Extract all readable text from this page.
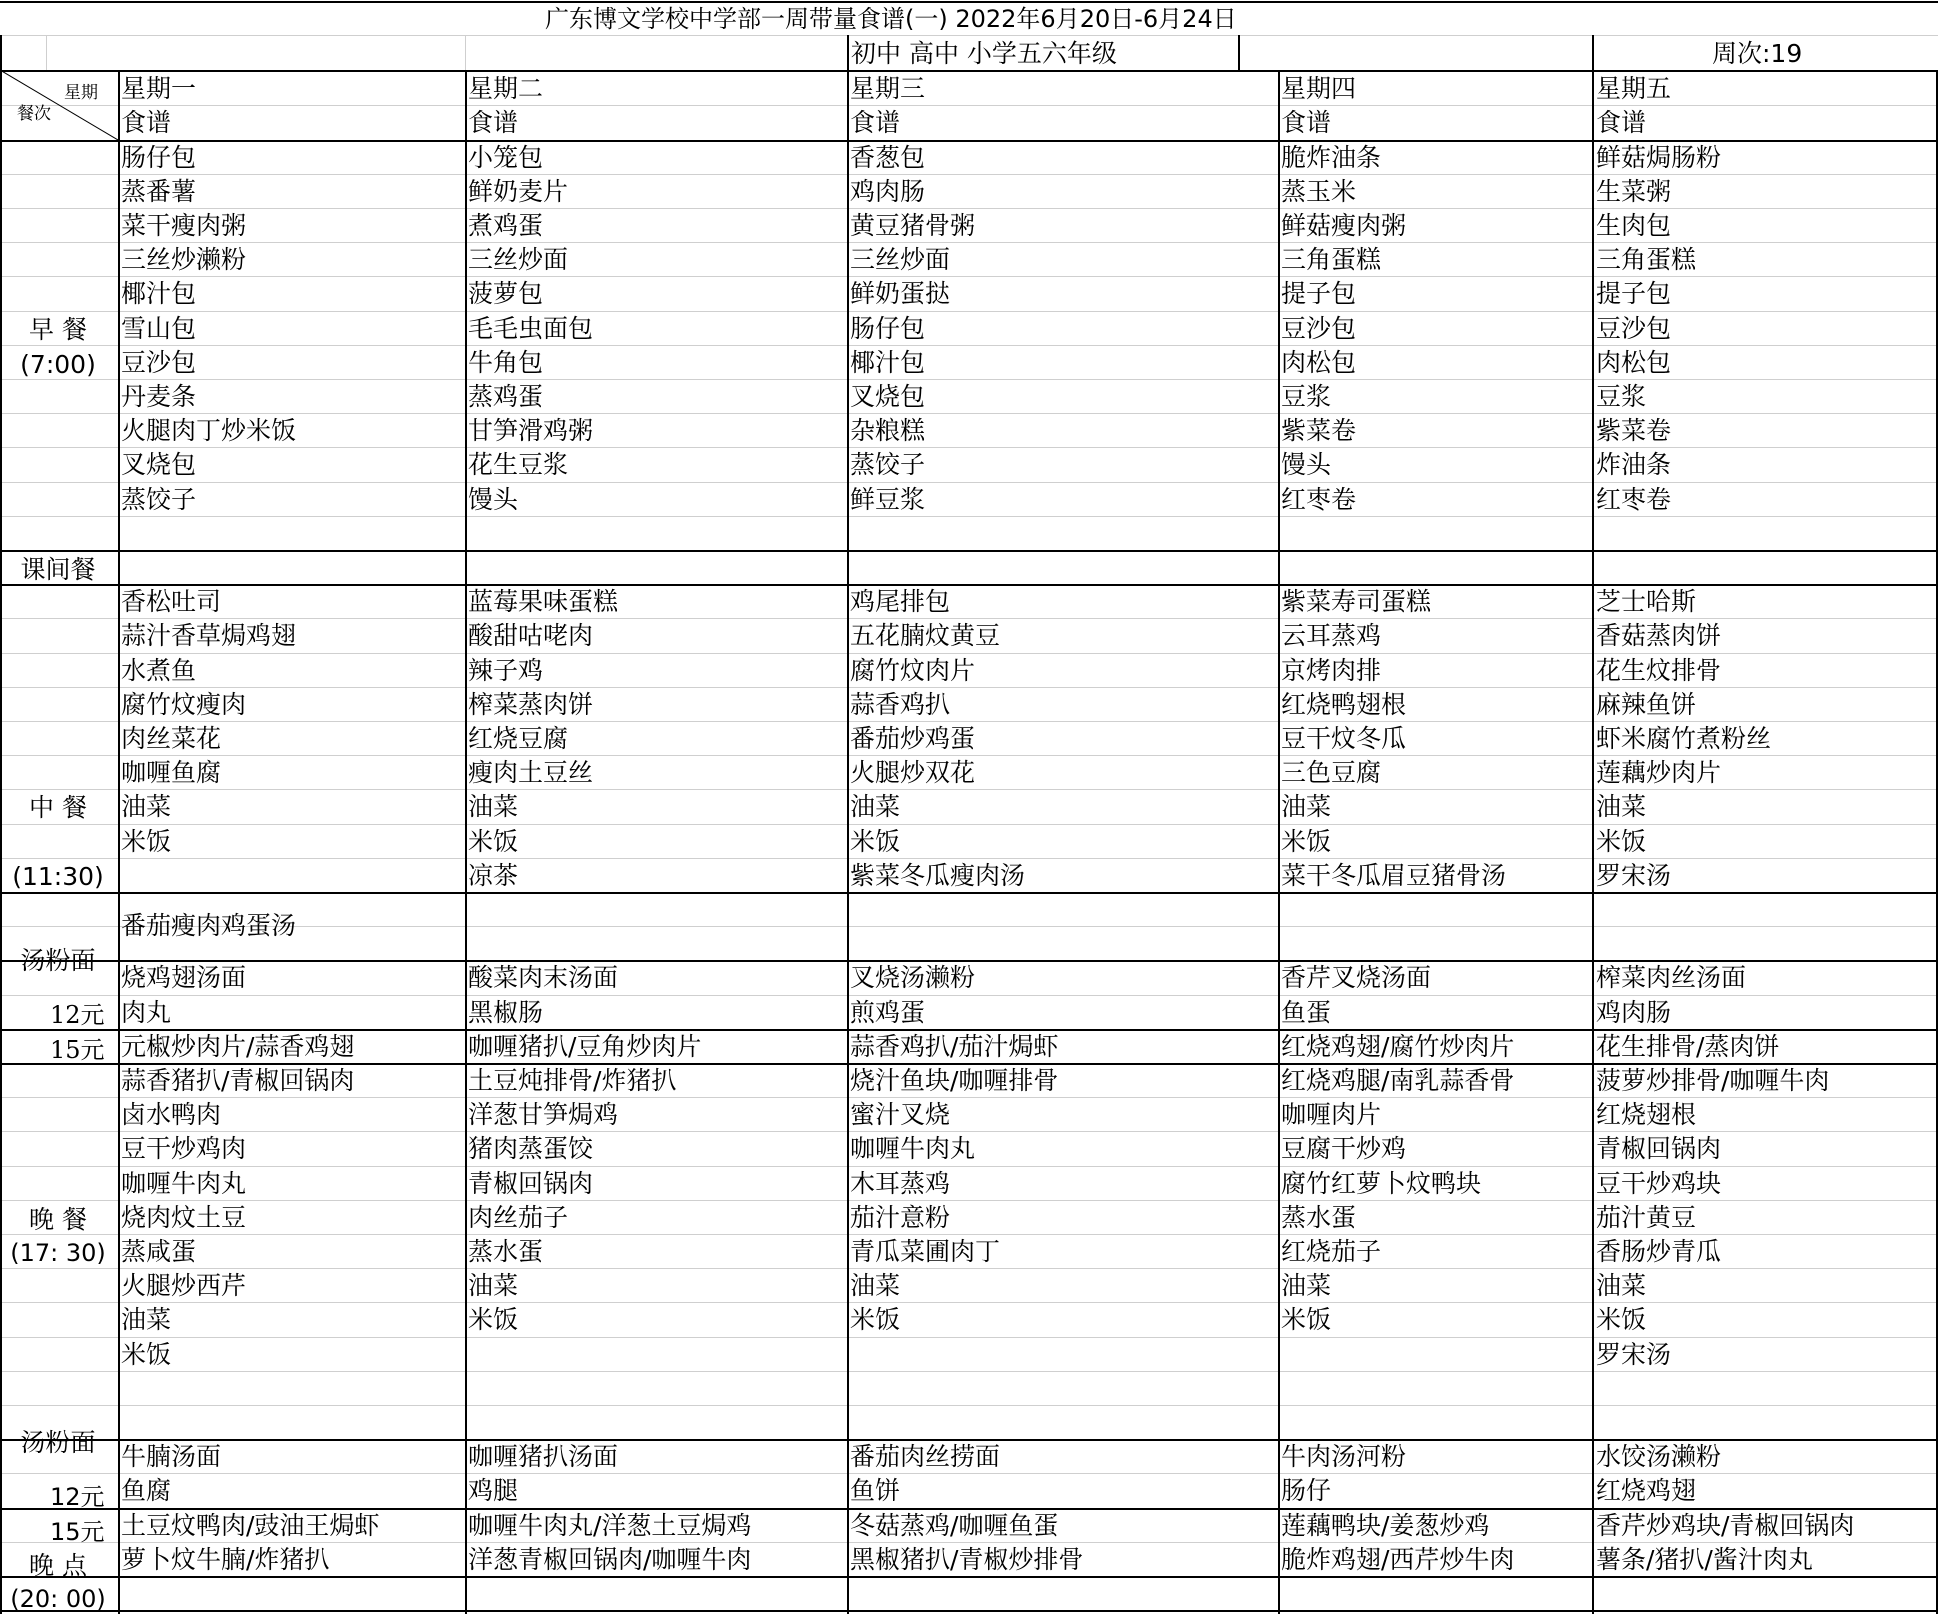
广东博文学校中学部一周带量食谱(一) 2022年6月20日-6月24日
初中 高中 小学五六年级	周次:19
星期
餐次
星期一
食谱
星期二
食谱
星期三
食谱
星期四
食谱
星期五
食谱
早 餐
(7:00)
课间餐
中 餐
(11:30)
汤粉面
12元
15元
晚 餐
(17: 30)
汤粉面
12元
15元
晚 点
(20: 00)
肠仔包
蒸番薯
菜干瘦肉粥
三丝炒濑粉
椰汁包
雪山包
豆沙包
丹麦条
火腿肉丁炒米饭
叉烧包
蒸饺子
香松吐司
蒜汁香草焗鸡翅
水煮鱼
腐竹炆瘦肉
肉丝菜花
咖喱鱼腐
油菜
米饭
番茄瘦肉鸡蛋汤
烧鸡翅汤面
肉丸
元椒炒肉片/蒜香鸡翅
蒜香猪扒/青椒回锅肉
卤水鸭肉
豆干炒鸡肉
咖喱牛肉丸
烧肉炆土豆
蒸咸蛋
火腿炒西芹
油菜
米饭
牛腩汤面
鱼腐
土豆炆鸭肉/豉油王焗虾
萝卜炆牛腩/炸猪扒
小笼包
鲜奶麦片
煮鸡蛋
三丝炒面
菠萝包
毛毛虫面包
牛角包
蒸鸡蛋
甘笋滑鸡粥
花生豆浆
馒头
蓝莓果味蛋糕
酸甜咕咾肉
辣子鸡
榨菜蒸肉饼
红烧豆腐
瘦肉土豆丝
油菜
米饭
凉茶
酸菜肉末汤面
黑椒肠
咖喱猪扒/豆角炒肉片
土豆炖排骨/炸猪扒
洋葱甘笋焗鸡
猪肉蒸蛋饺
青椒回锅肉
肉丝茄子
蒸水蛋
油菜
米饭
咖喱猪扒汤面
鸡腿
咖喱牛肉丸/洋葱土豆焗鸡
洋葱青椒回锅肉/咖喱牛肉
香葱包
鸡肉肠
黄豆猪骨粥
三丝炒面
鲜奶蛋挞
肠仔包
椰汁包
叉烧包
杂粮糕
蒸饺子
鲜豆浆
鸡尾排包
五花腩炆黄豆
腐竹炆肉片
蒜香鸡扒
番茄炒鸡蛋
火腿炒双花
油菜
米饭
紫菜冬瓜瘦肉汤
叉烧汤濑粉
煎鸡蛋
蒜香鸡扒/茄汁焗虾
烧汁鱼块/咖喱排骨
蜜汁叉烧
咖喱牛肉丸
木耳蒸鸡
茄汁意粉
青瓜菜圃肉丁
油菜
米饭
番茄肉丝捞面
鱼饼
冬菇蒸鸡/咖喱鱼蛋
黑椒猪扒/青椒炒排骨
脆炸油条
蒸玉米
鲜菇瘦肉粥
三角蛋糕
提子包
豆沙包
肉松包
豆浆
紫菜卷
馒头
红枣卷
紫菜寿司蛋糕
云耳蒸鸡
京烤肉排
红烧鸭翅根
豆干炆冬瓜
三色豆腐
油菜
米饭
菜干冬瓜眉豆猪骨汤
香芹叉烧汤面
鱼蛋
红烧鸡翅/腐竹炒肉片
红烧鸡腿/南乳蒜香骨
咖喱肉片
豆腐干炒鸡
腐竹红萝卜炆鸭块
蒸水蛋
红烧茄子
油菜
米饭
牛肉汤河粉
肠仔
莲藕鸭块/姜葱炒鸡
脆炸鸡翅/西芹炒牛肉
鲜菇焗肠粉
生菜粥
生肉包
三角蛋糕
提子包
豆沙包
肉松包
豆浆
紫菜卷
炸油条
红枣卷
芝士哈斯
香菇蒸肉饼
花生炆排骨
麻辣鱼饼
虾米腐竹煮粉丝
莲藕炒肉片
油菜
米饭
罗宋汤
榨菜肉丝汤面
鸡肉肠
花生排骨/蒸肉饼
菠萝炒排骨/咖喱牛肉
红烧翅根
青椒回锅肉
豆干炒鸡块
茄汁黄豆
香肠炒青瓜
油菜
米饭
罗宋汤
水饺汤濑粉
红烧鸡翅
香芹炒鸡块/青椒回锅肉
薯条/猪扒/酱汁肉丸
